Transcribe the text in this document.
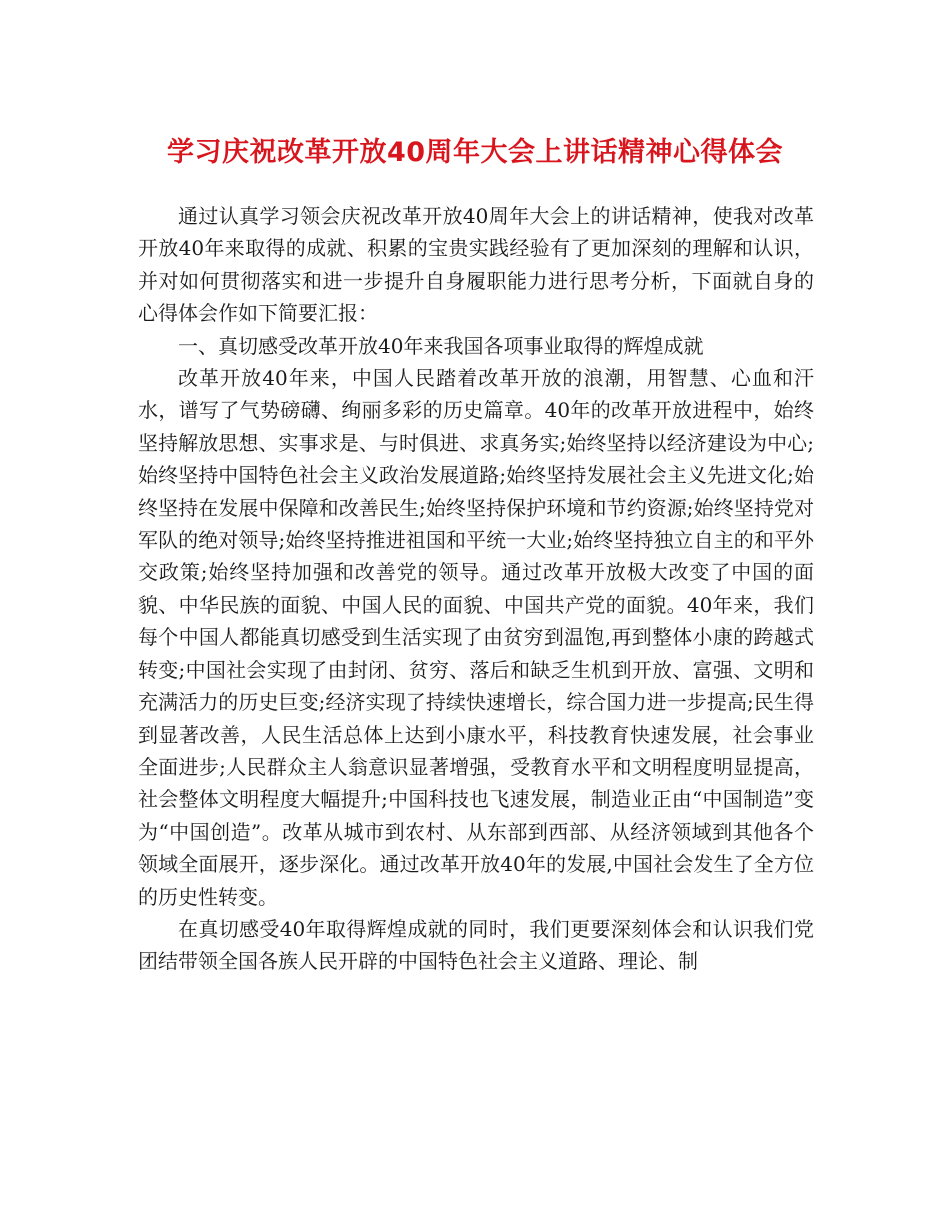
学习庆祝改革开放40周年大会上讲话精神心得体会

通过认真学习领会庆祝改革开放40周年大会上的讲话精神，使我对改革开放40年来取得的成就、积累的宝贵实践经验有了更加深刻的理解和认识，并对如何贯彻落实和进一步提升自身履职能力进行思考分析，下面就自身的心得体会作如下简要汇报：

一、真切感受改革开放40年来我国各项事业取得的辉煌成就

改革开放40年来，中国人民踏着改革开放的浪潮，用智慧、心血和汗水，谱写了气势磅礴、绚丽多彩的历史篇章。40年的改革开放进程中，始终坚持解放思想、实事求是、与时俱进、求真务实;始终坚持以经济建设为中心;始终坚持中国特色社会主义政治发展道路;始终坚持发展社会主义先进文化;始终坚持在发展中保障和改善民生;始终坚持保护环境和节约资源;始终坚持党对军队的绝对领导;始终坚持推进祖国和平统一大业;始终坚持独立自主的和平外交政策;始终坚持加强和改善党的领导。通过改革开放极大改变了中国的面貌、中华民族的面貌、中国人民的面貌、中国共产党的面貌。40年来，我们每个中国人都能真切感受到生活实现了由贫穷到温饱,再到整体小康的跨越式转变;中国社会实现了由封闭、贫穷、落后和缺乏生机到开放、富强、文明和充满活力的历史巨变;经济实现了持续快速增长，综合国力进一步提高;民生得到显著改善，人民生活总体上达到小康水平，科技教育快速发展，社会事业全面进步;人民群众主人翁意识显著增强，受教育水平和文明程度明显提高，社会整体文明程度大幅提升;中国科技也飞速发展，制造业正由“中国制造”变为“中国创造”。改革从城市到农村、从东部到西部、从经济领域到其他各个领域全面展开，逐步深化。通过改革开放40年的发展,中国社会发生了全方位的历史性转变。

在真切感受40年取得辉煌成就的同时，我们更要深刻体会和认识我们党团结带领全国各族人民开辟的中国特色社会主义道路、理论、制
